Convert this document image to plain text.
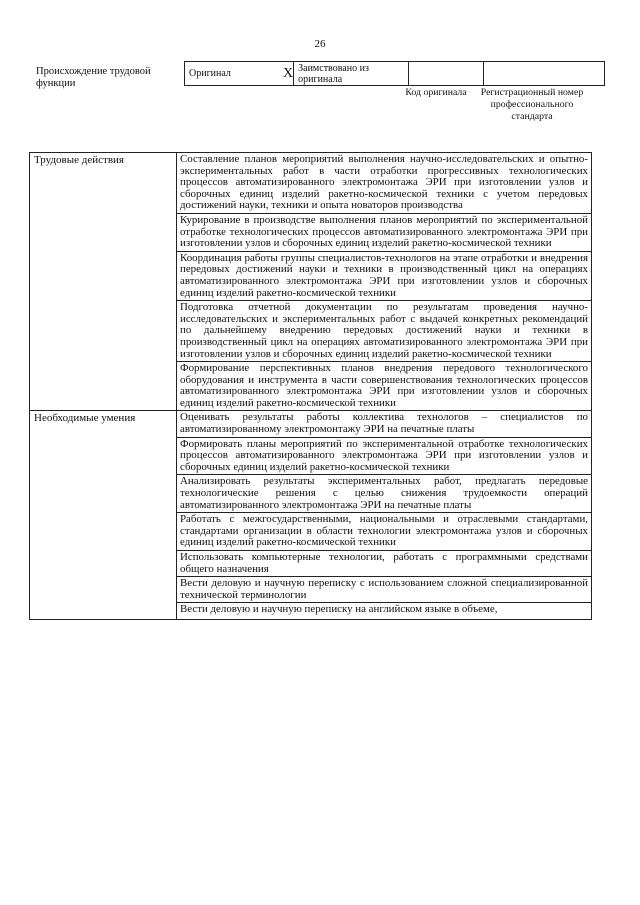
26
Происхождение трудовой функции
Оригинал	X	Заимствовано из оригинала		
Код оригинала	Регистрационный номер профессионального стандарта
Трудовые действия	Составление планов мероприятий выполнения научно-исследовательских и опытно-экспериментальных работ в части отработки прогрессивных технологических процессов автоматизированного электромонтажа ЭРИ при изготовлении узлов и сборочных единиц изделий ракетно-космической техники с учетом передовых достижений науки, техники и опыта новаторов производства
	Курирование в производстве выполнения планов мероприятий по экспериментальной отработке технологических процессов автоматизированного электромонтажа ЭРИ при изготовлении узлов и сборочных единиц изделий ракетно-космической техники
	Координация работы группы специалистов-технологов на этапе отработки и внедрения передовых достижений науки и техники в производственный цикл на операциях автоматизированного электромонтажа ЭРИ при изготовлении узлов и сборочных единиц изделий ракетно-космической техники
	Подготовка отчетной документации по результатам проведения научно-исследовательских и экспериментальных работ с выдачей конкретных рекомендаций по дальнейшему внедрению передовых достижений науки и техники в производственный цикл на операциях автоматизированного электромонтажа ЭРИ при изготовлении узлов и сборочных единиц изделий ракетно-космической техники
	Формирование перспективных планов внедрения передового технологического оборудования и инструмента в части совершенствования технологических процессов автоматизированного электромонтажа ЭРИ при изготовлении узлов и сборочных единиц изделий ракетно-космической техники
Необходимые умения	Оценивать результаты работы коллектива технологов – специалистов по автоматизированному электромонтажу ЭРИ на печатные платы
	Формировать планы мероприятий по экспериментальной отработке технологических процессов автоматизированного электромонтажа ЭРИ при изготовлении узлов и сборочных единиц изделий ракетно-космической техники
	Анализировать результаты экспериментальных работ, предлагать передовые технологические решения с целью снижения трудоемкости операций автоматизированного электромонтажа ЭРИ на печатные платы
	Работать с межгосударственными, национальными и отраслевыми стандартами, стандартами организации в области технологии электромонтажа узлов и сборочных единиц изделий ракетно-космической техники
	Использовать компьютерные технологии, работать с программными средствами общего назначения
	Вести деловую и научную переписку с использованием сложной специализированной технической терминологии
	Вести деловую и научную переписку на английском языке в объеме,
